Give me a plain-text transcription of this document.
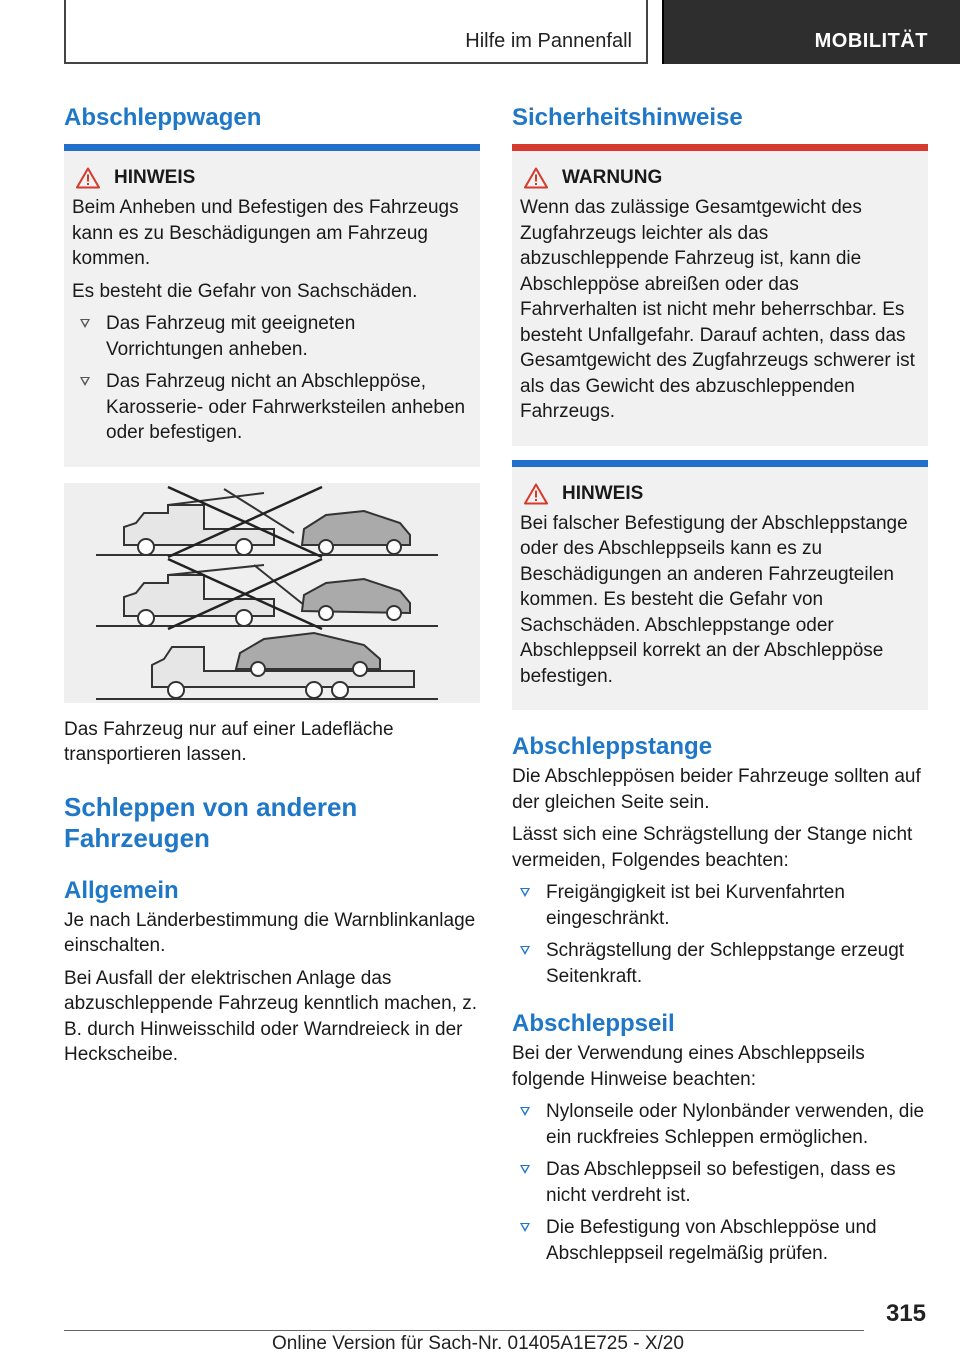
Hilfe im Pannenfall	MOBILITÄT
Abschleppwagen
HINWEIS

Beim Anheben und Befestigen des Fahrzeugs kann es zu Beschädigungen am Fahrzeug kommen.

Es besteht die Gefahr von Sachschäden.

Das Fahrzeug mit geeigneten Vorrichtungen anheben.
Das Fahrzeug nicht an Abschleppöse, Karosserie- oder Fahrwerksteilen anheben oder befestigen.

Das Fahrzeug nur auf einer Ladefläche transportieren lassen.

Schleppen von anderen Fahrzeugen
Allgemein

Je nach Länderbestimmung die Warnblinkanlage einschalten.

Bei Ausfall der elektrischen Anlage das abzuschleppende Fahrzeug kenntlich machen, z. B. durch Hinweisschild oder Warndreieck in der Heckscheibe.

Sicherheitshinweise
WARNUNG

Wenn das zulässige Gesamtgewicht des Zugfahrzeugs leichter als das abzuschleppende Fahrzeug ist, kann die Abschleppöse abreißen oder das Fahrverhalten ist nicht mehr beherrschbar. Es besteht Unfallgefahr. Darauf achten, dass das Gesamtgewicht des Zugfahrzeugs schwerer ist als das Gewicht des abzuschleppenden Fahrzeugs.

HINWEIS

Bei falscher Befestigung der Abschleppstange oder des Abschleppseils kann es zu Beschädigungen an anderen Fahrzeugteilen kommen. Es besteht die Gefahr von Sachschäden. Abschleppstange oder Abschleppseil korrekt an der Abschleppöse befestigen.

Abschleppstange

Die Abschleppösen beider Fahrzeuge sollten auf der gleichen Seite sein.

Lässt sich eine Schrägstellung der Stange nicht vermeiden, Folgendes beachten:

Freigängigkeit ist bei Kurvenfahrten eingeschränkt.
Schrägstellung der Schleppstange erzeugt Seitenkraft.
Abschleppseil

Bei der Verwendung eines Abschleppseils folgende Hinweise beachten:

Nylonseile oder Nylonbänder verwenden, die ein ruckfreies Schleppen ermöglichen.
Das Abschleppseil so befestigen, dass es nicht verdreht ist.
Die Befestigung von Abschleppöse und Abschleppseil regelmäßig prüfen.
315
Online Version für Sach-Nr. 01405A1E725 - X/20
